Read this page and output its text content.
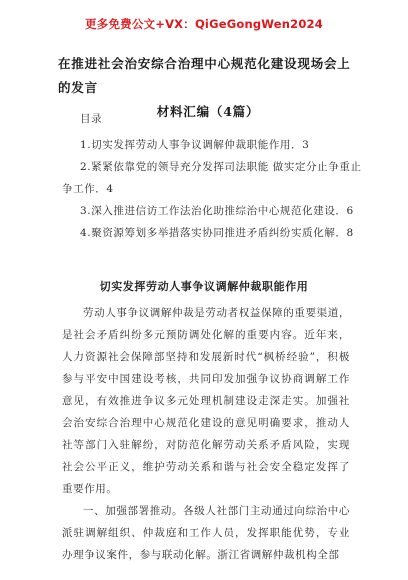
更多免费公文+VX：QiGeGongWen2024
在推进社会治安综合治理中心规范化建设现场会上的发言
材料汇编（4篇）
目录
1.切实发挥劳动人事争议调解仲裁职能作用．3
2.紧紧依靠党的领导充分发挥司法职能 做实定分止争重止争工作．4
3.深入推进信访工作法治化助推综治中心规范化建设．6
4.聚资源筹划多举措落实协同推进矛盾纠纷实质化解．8
切实发挥劳动人事争议调解仲裁职能作用

劳动人事争议调解仲裁是劳动者权益保障的重要渠道，是社会矛盾纠纷多元预防调处化解的重要内容。近年来，人力资源社会保障部坚持和发展新时代“枫桥经验”，积极参与平安中国建设考核，共同印发加强争议协商调解工作意见，有效推进争议多元处理机制建设走深走实。加强社会治安综合治理中心规范化建设的意见明确要求，推动人社等部门入驻解纷，对防范化解劳动关系矛盾风险，实现社会公平正义，维护劳动关系和谐与社会安全稳定发挥了重要作用。

一、加强部署推动。各级人社部门主动通过向综治中心派驻调解组织、仲裁庭和工作人员，发挥职能优势，专业办理争议案件，参与联动化解。浙江省调解仲裁机构全部
